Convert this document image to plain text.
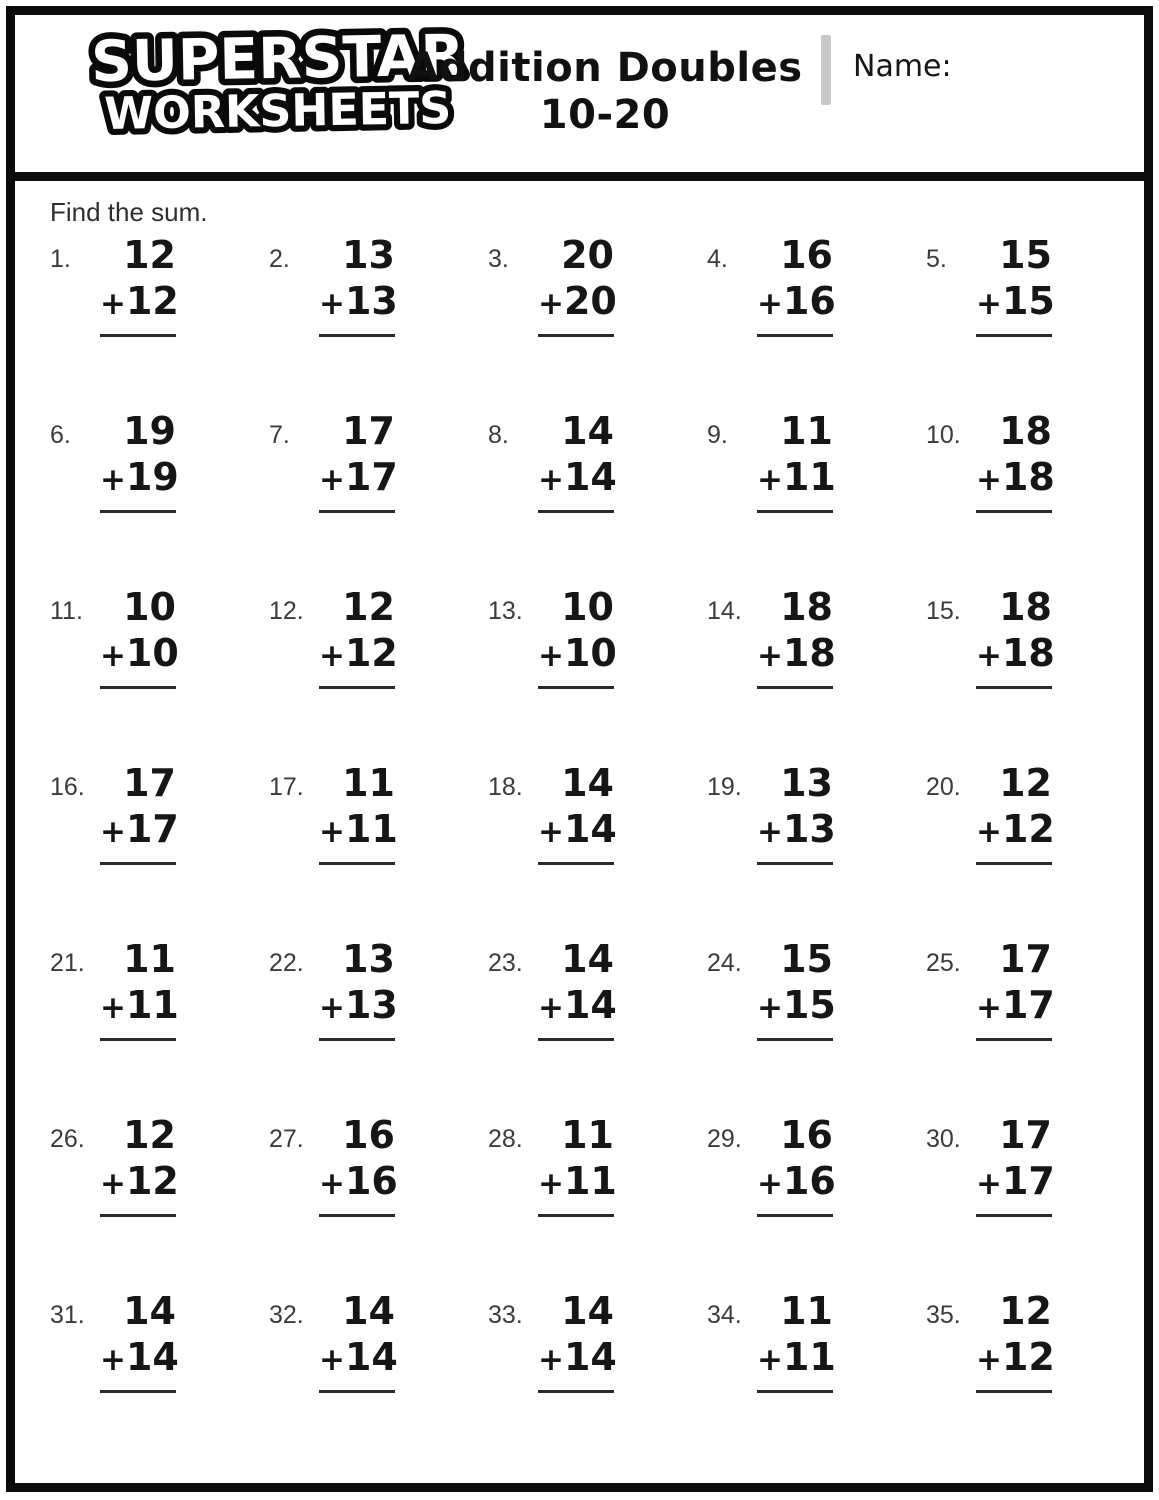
SUPERSTAR
WORKSHEETS
Addition Doubles
10-20
Name:
Find the sum.
1.	12
+ 12
2.	13
+ 13
3.	20
+ 20
4.	16
+ 16
5.	15
+ 15
6.	19
+ 19
7.	17
+ 17
8.	14
+ 14
9.	11
+ 11
10.	18
+ 18
11.	10
+ 10
12.	12
+ 12
13.	10
+ 10
14.	18
+ 18
15.	18
+ 18
16.	17
+ 17
17.	11
+ 11
18.	14
+ 14
19.	13
+ 13
20.	12
+ 12
21.	11
+ 11
22.	13
+ 13
23.	14
+ 14
24.	15
+ 15
25.	17
+ 17
26.	12
+ 12
27.	16
+ 16
28.	11
+ 11
29.	16
+ 16
30.	17
+ 17
31.	14
+ 14
32.	14
+ 14
33.	14
+ 14
34.	11
+ 11
35.	12
+ 12
